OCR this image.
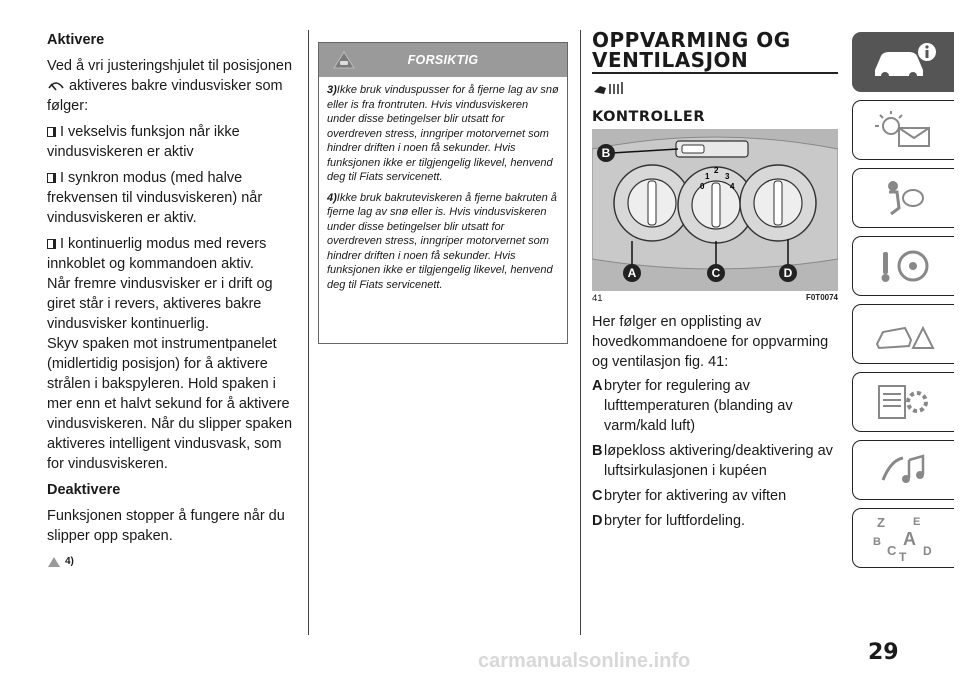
Aktivere

Ved å vri justeringshjulet til posisjonen
aktiveres bakre vindusvisker som følger:

I vekselvis funksjon når ikke vindusviskeren er aktiv

I synkron modus (med halve frekvensen til vindusviskeren) når vindusviskeren er aktiv.

I kontinuerlig modus med revers innkoblet og kommandoen aktiv.

Når fremre vindusvisker er i drift og giret står i revers, aktiveres bakre vindusvisker kontinuerlig.

Skyv spaken mot instrumentpanelet (midlertidig posisjon) for å aktivere strålen i bakspyleren. Hold spaken i mer enn et halvt sekund for å aktivere vindusviskeren. Når du slipper spaken aktiveres intelligent vindusvask, som for vindusviskeren.

Deaktivere

Funksjonen stopper å fungere når du slipper opp spaken.

4)
FORSIKTIG

3)Ikke bruk vinduspusser for å fjerne lag av snø eller is fra frontruten. Hvis vindusviskeren under disse betingelser blir utsatt for overdreven stress, inngriper motorvernet som hindrer driften i noen få sekunder. Hvis funksjonen ikke er tilgjengelig likevel, henvend deg til Fiats servicenett.

4)Ikke bruk bakruteviskeren å fjerne bakruten å fjerne lag av snø eller is. Hvis vindusviskeren under disse betingelser blir utsatt for overdreven stress, inngriper motorvernet som hindrer driften i noen få sekunder. Hvis funksjonen ikke er tilgjengelig likevel, henvend deg til Fiats servicenett.

OPPVARMING OG
VENTILASJON
KONTROLLER
0
1
2
3
4
B
A	C	D
41	F0T0074

Her følger en opplisting av hovedkommandoene for oppvarming og ventilasjon fig. 41:

A bryter for regulering av lufttemperaturen (blanding av varm/kald luft)
B løpekloss aktivering/deaktivering av luftsirkulasjonen i kupéen
C bryter for aktivering av viften
D bryter for luftfordeling.	Z	E
B A
C T D
29
carmanualsonline.info
